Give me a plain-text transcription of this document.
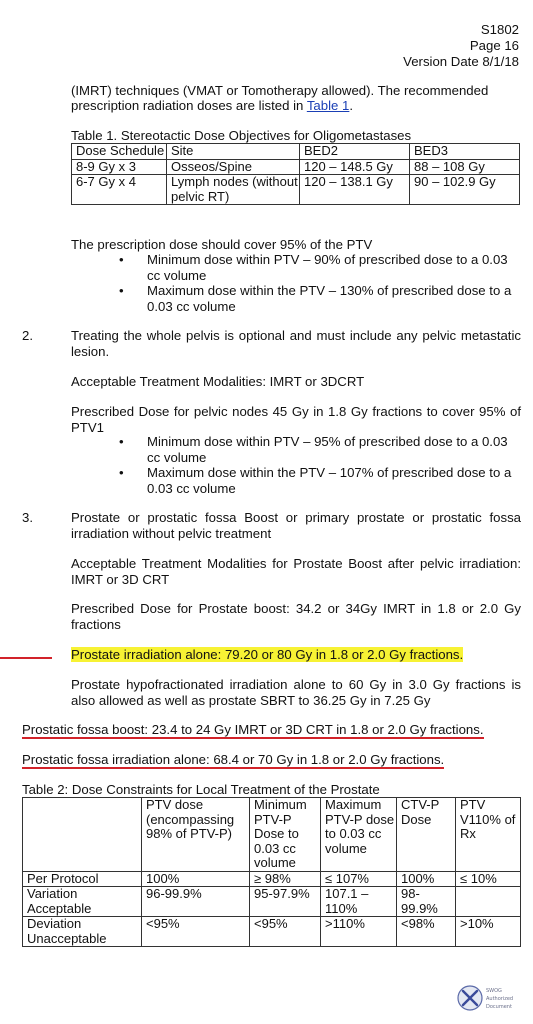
S1802
Page 16
Version Date 8/1/18
(IMRT) techniques (VMAT or Tomotherapy allowed). The recommended
prescription radiation doses are listed in Table 1.
Table 1. Stereotactic Dose Objectives for Oligometastases
Dose Schedule	Site	BED2	BED3
8-9 Gy x 3	Osseos/Spine	120 – 148.5 Gy	88 – 108 Gy
6-7 Gy x 4	Lymph nodes (without pelvic RT)	120 – 138.1 Gy	90 – 102.9 Gy
The prescription dose should cover 95% of the PTV
•	Minimum dose within PTV – 90% of prescribed dose to a 0.03 cc volume
•	Maximum dose within the PTV – 130% of prescribed dose to a 0.03 cc volume
2.	Treating the whole pelvis is optional and must include any pelvic metastatic lesion.
Acceptable Treatment Modalities: IMRT or 3DCRT
Prescribed Dose for pelvic nodes 45 Gy in 1.8 Gy fractions to cover 95% of PTV1
•	Minimum dose within PTV – 95% of prescribed dose to a 0.03 cc volume
•	Maximum dose within the PTV – 107% of prescribed dose to a 0.03 cc volume
3.	Prostate or prostatic fossa Boost or primary prostate or prostatic fossa irradiation without pelvic treatment
Acceptable Treatment Modalities for Prostate Boost after pelvic irradiation: IMRT or 3D CRT
Prescribed Dose for Prostate boost: 34.2 or 34Gy IMRT in 1.8 or 2.0 Gy fractions
Prostate irradiation alone: 79.20 or 80 Gy in 1.8 or 2.0 Gy fractions.
Prostate hypofractionated irradiation alone to 60 Gy in 3.0 Gy fractions is also allowed as well as prostate SBRT to 36.25 Gy in 7.25 Gy
Prostatic fossa boost: 23.4 to 24 Gy IMRT or 3D CRT in 1.8 or 2.0 Gy fractions.
Prostatic fossa irradiation alone: 68.4 or 70 Gy in 1.8 or 2.0 Gy fractions.
Table 2: Dose Constraints for Local Treatment of the Prostate
	PTV dose (encompassing 98% of PTV-P)	Minimum PTV-P Dose to 0.03 cc volume	Maximum PTV-P dose to 0.03 cc volume	CTV-P Dose	PTV V110% of Rx
Per Protocol	100%	≥ 98%	≤ 107%	100%	≤ 10%
Variation Acceptable	96-99.9%	95-97.9%	107.1 – 110%	98-99.9%	
Deviation Unacceptable	<95%	<95%	>110%	<98%	>10%
SWOG
Authorized
Document
